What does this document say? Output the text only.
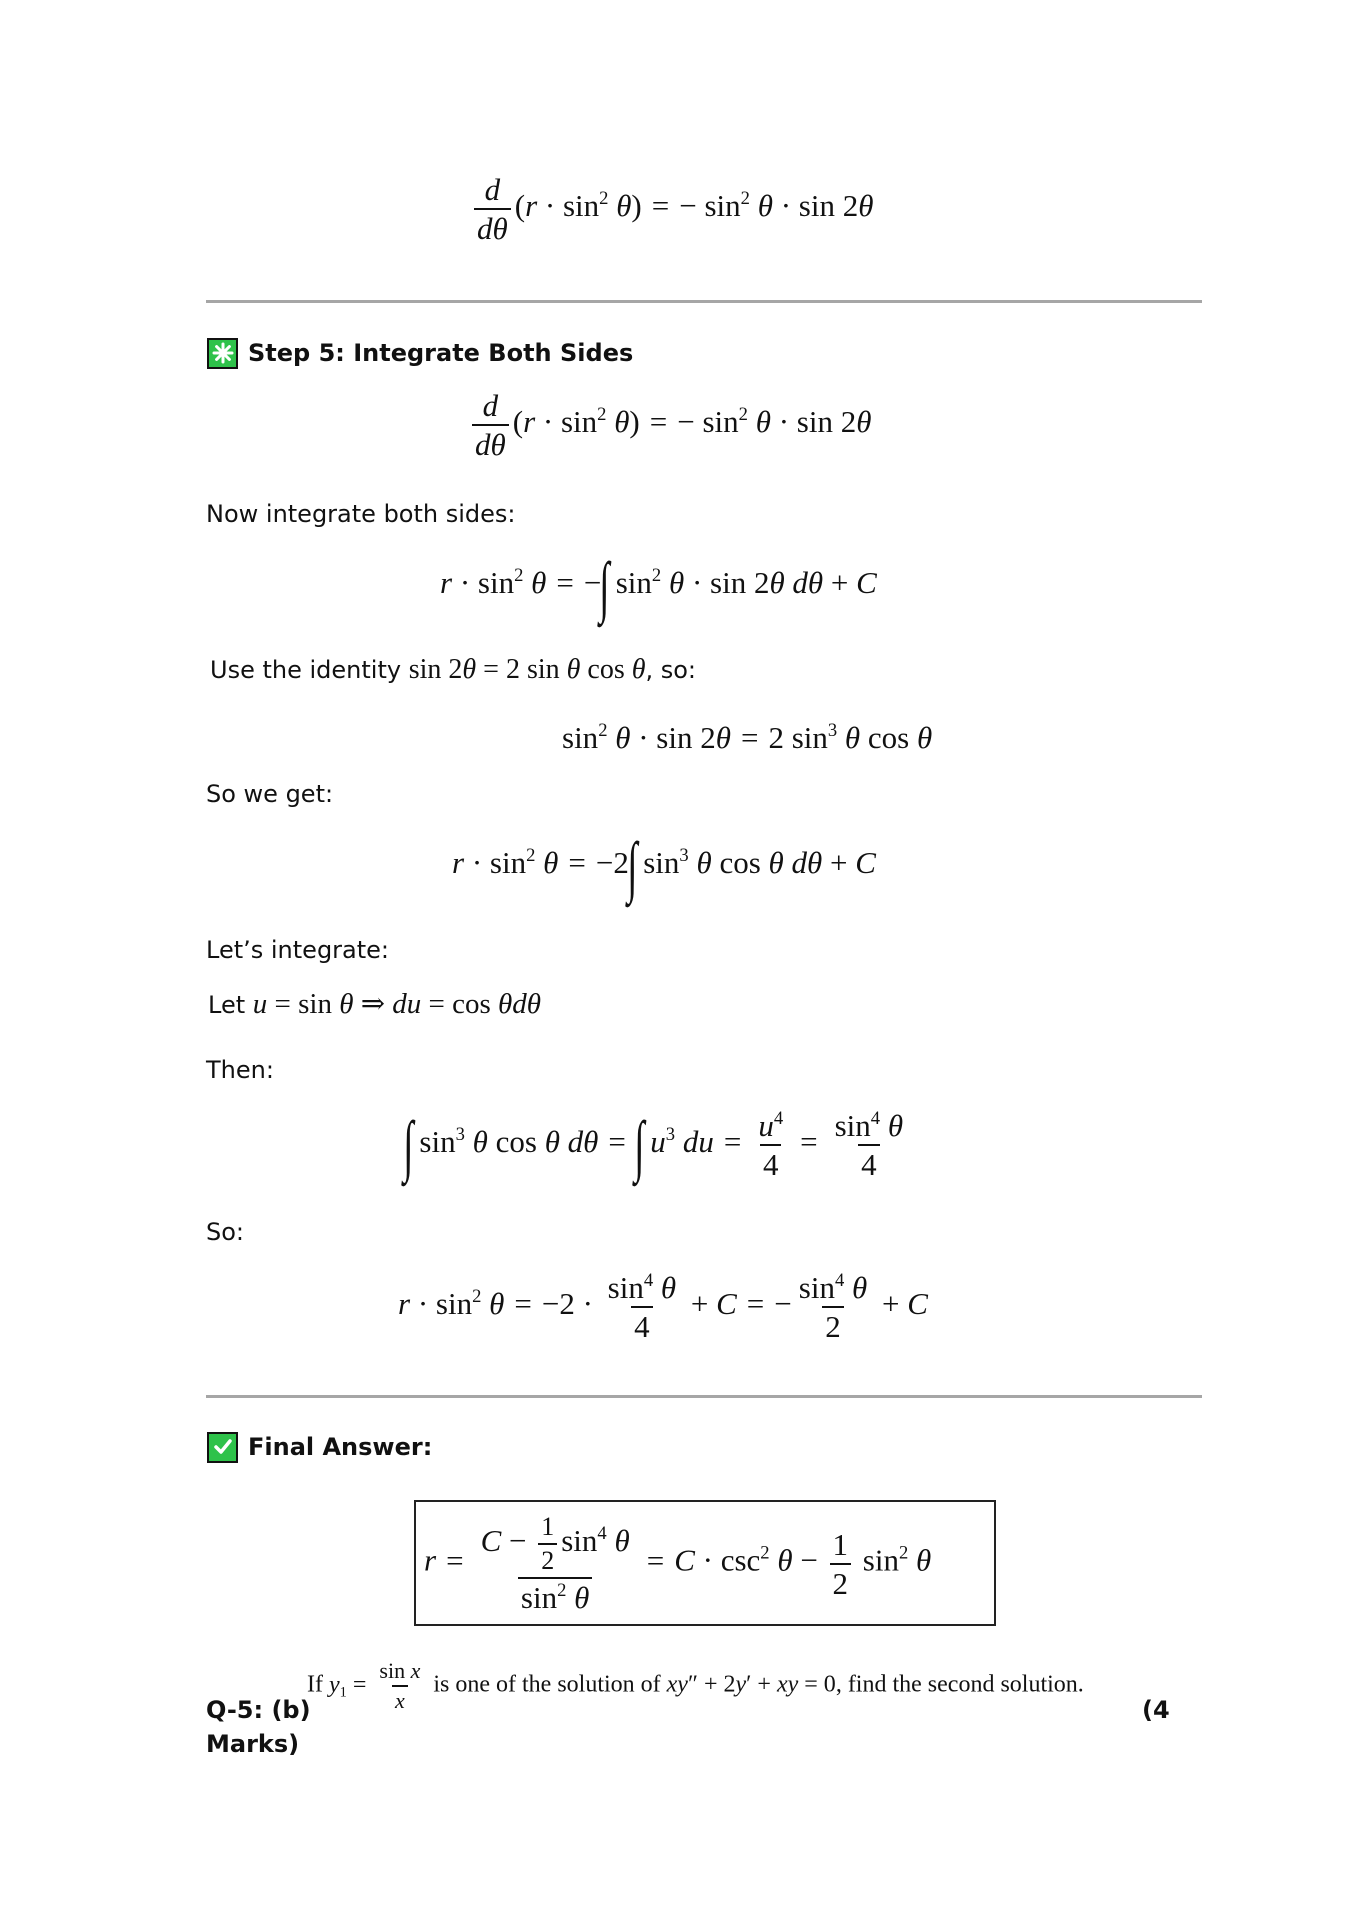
$\frac{d}{d\theta} (r \cdot \sin^2 \theta)$ = − $\sin^2 \theta \cdot \sin 2\theta$
Step 5: Integrate Both Sides
$\frac{d}{d\theta} (r \cdot \sin^2 \theta)$ = − $\sin^2 \theta \cdot \sin 2\theta$
Now integrate both sides:
$r \cdot \sin^2 \theta$ = −∫ $\sin^2 \theta \cdot \sin 2\theta$ dθ + C
Use the identity sin 2θ = 2 sin θ cos θ, so:
$\sin^2 \theta \cdot \sin 2\theta = 2$ $\sin^3 \theta$ cos θ
So we get:
$r \cdot \sin^2 \theta = -2\int$ $\sin^3 \theta$ cos θ dθ + C
Let’s integrate:
Let u = sin θ ⇒ du = cos θdθ
Then:
∫ $\sin^3 \theta$ cos θ dθ = ∫ $u^3$ du = $\frac{u^4}{4} = \frac{\sin^4 \theta}{4}$
So:
$r \cdot \sin^2 \theta = -2 \cdot \frac{\sin^4 \theta}{4} + C$ = − $\frac{\sin^4 \theta}{2} + C$
Final Answer:
$r = \frac{C - \frac{1}{2} \sin^4 \theta}{\sin^2 \theta} = C \cdot \csc^2 \theta - \frac{1}{2} \sin^2 \theta$
If $y_1 = \frac{\text{sin x}}{x}$ is one of the solution of xy″ + 2y′ + xy = 0, find the second solution.
Q-5: (b)	(4
Marks)
